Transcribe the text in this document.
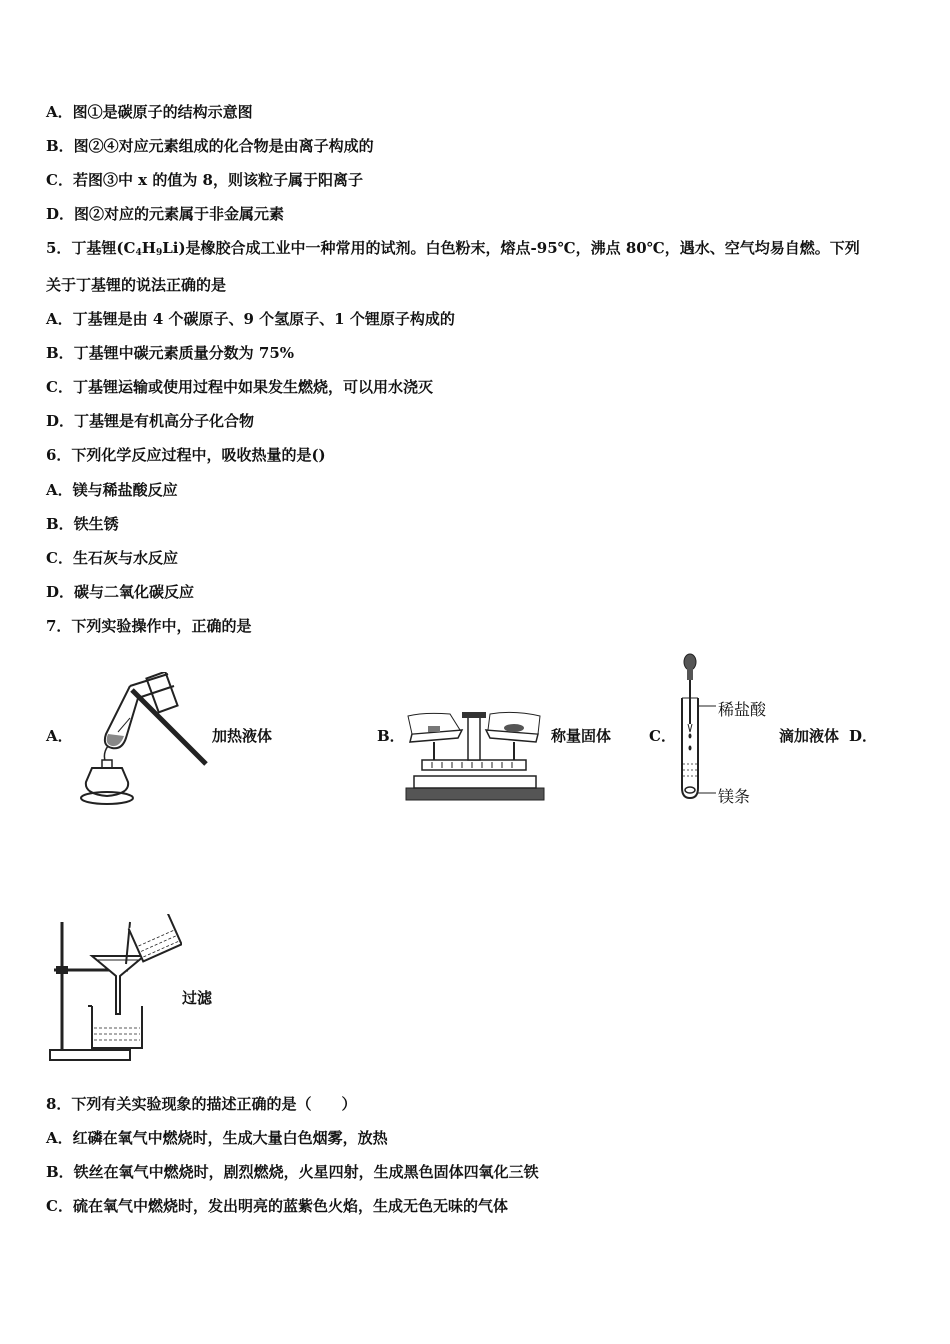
A．图①是碳原子的结构示意图
B．图②④对应元素组成的化合物是由离子构成的
C．若图③中 x 的值为 8，则该粒子属于阳离子
D．图②对应的元素属于非金属元素
5．丁基锂$(C_4H_9Li)$是橡胶合成工业中一种常用的试剂。白色粉末，熔点-95℃，沸点 80℃，遇水、空气均易自燃。下列
关于丁基锂的说法正确的是
A．丁基锂是由 4 个碳原子、9 个氢原子、1 个锂原子构成的
B．丁基锂中碳元素质量分数为 75%
C．丁基锂运输或使用过程中如果发生燃烧，可以用水浇灭
D．丁基锂是有机高分子化合物
6．下列化学反应过程中，吸收热量的是()
A．镁与稀盐酸反应
B．铁生锈
C．生石灰与水反应
D．碳与二氧化碳反应
7．下列实验操作中，正确的是
A．	加热液体	B．	称量固体	C．
稀盐酸
镁条
滴加液体 D．
过滤
8．下列有关实验现象的描述正确的是（　　）
A．红磷在氧气中燃烧时，生成大量白色烟雾，放热
B．铁丝在氧气中燃烧时，剧烈燃烧，火星四射，生成黑色固体四氧化三铁
C．硫在氧气中燃烧时，发出明亮的蓝紫色火焰，生成无色无味的气体
